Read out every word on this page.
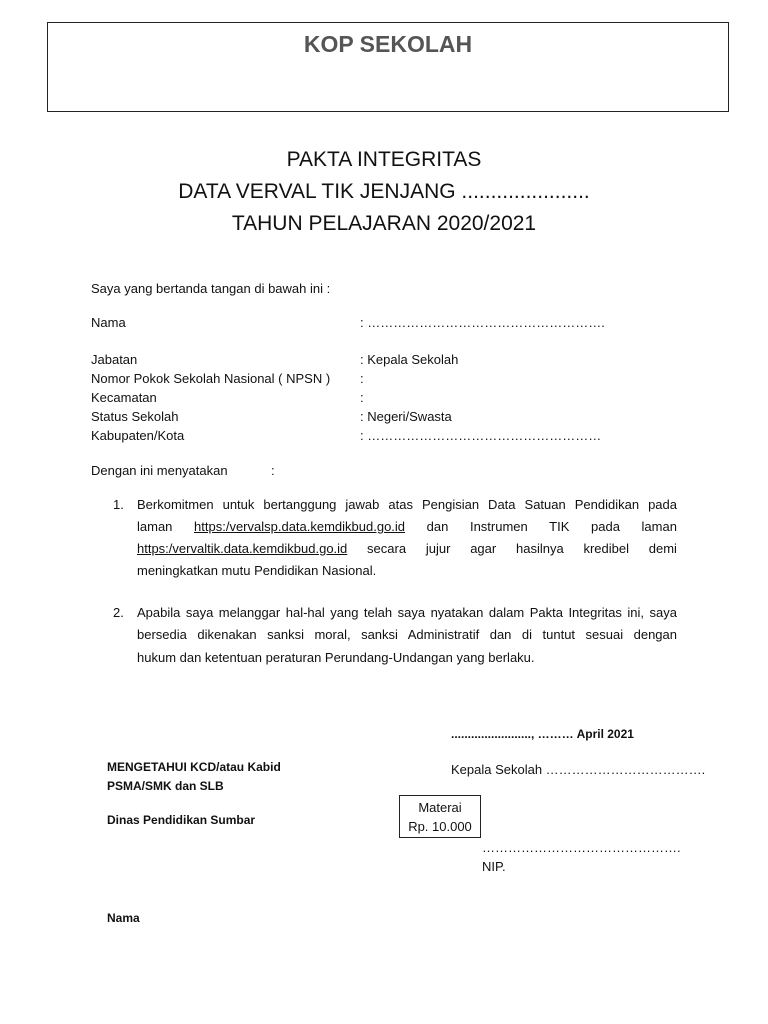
KOP SEKOLAH
PAKTA INTEGRITAS
DATA VERVAL TIK JENJANG ......................
TAHUN PELAJARAN 2020/2021
Saya yang bertanda tangan di bawah ini :
Nama	: ……………………………………………….
Jabatan	: Kepala Sekolah
Nomor Pokok Sekolah Nasional ( NPSN ) :
Kecamatan	:
Status Sekolah	: Negeri/Swasta
Kabupaten/Kota	: ………………………………………………
Dengan ini menyatakan	:
1. Berkomitmen untuk bertanggung jawab atas Pengisian Data Satuan Pendidikan pada
laman https:/vervalsp.data.kemdikbud.go.id dan Instrumen TIK pada laman
https:/vervaltik.data.kemdikbud.go.id secara jujur agar hasilnya kredibel demi
meningkatkan mutu Pendidikan Nasional.
2. Apabila saya melanggar hal-hal yang telah saya nyatakan dalam Pakta Integritas ini, saya
bersedia dikenakan sanksi moral, sanksi Administratif dan di tuntut sesuai dengan
hukum dan ketentuan peraturan Perundang-Undangan yang berlaku.
........................, ……… April 2021
MENGETAHUI KCD/atau Kabid
PSMA/SMK dan SLB
Dinas Pendidikan Sumbar
Nama
Kepala Sekolah ……………………………….
Materai
Rp. 10.000
……………………………………….
NIP.
